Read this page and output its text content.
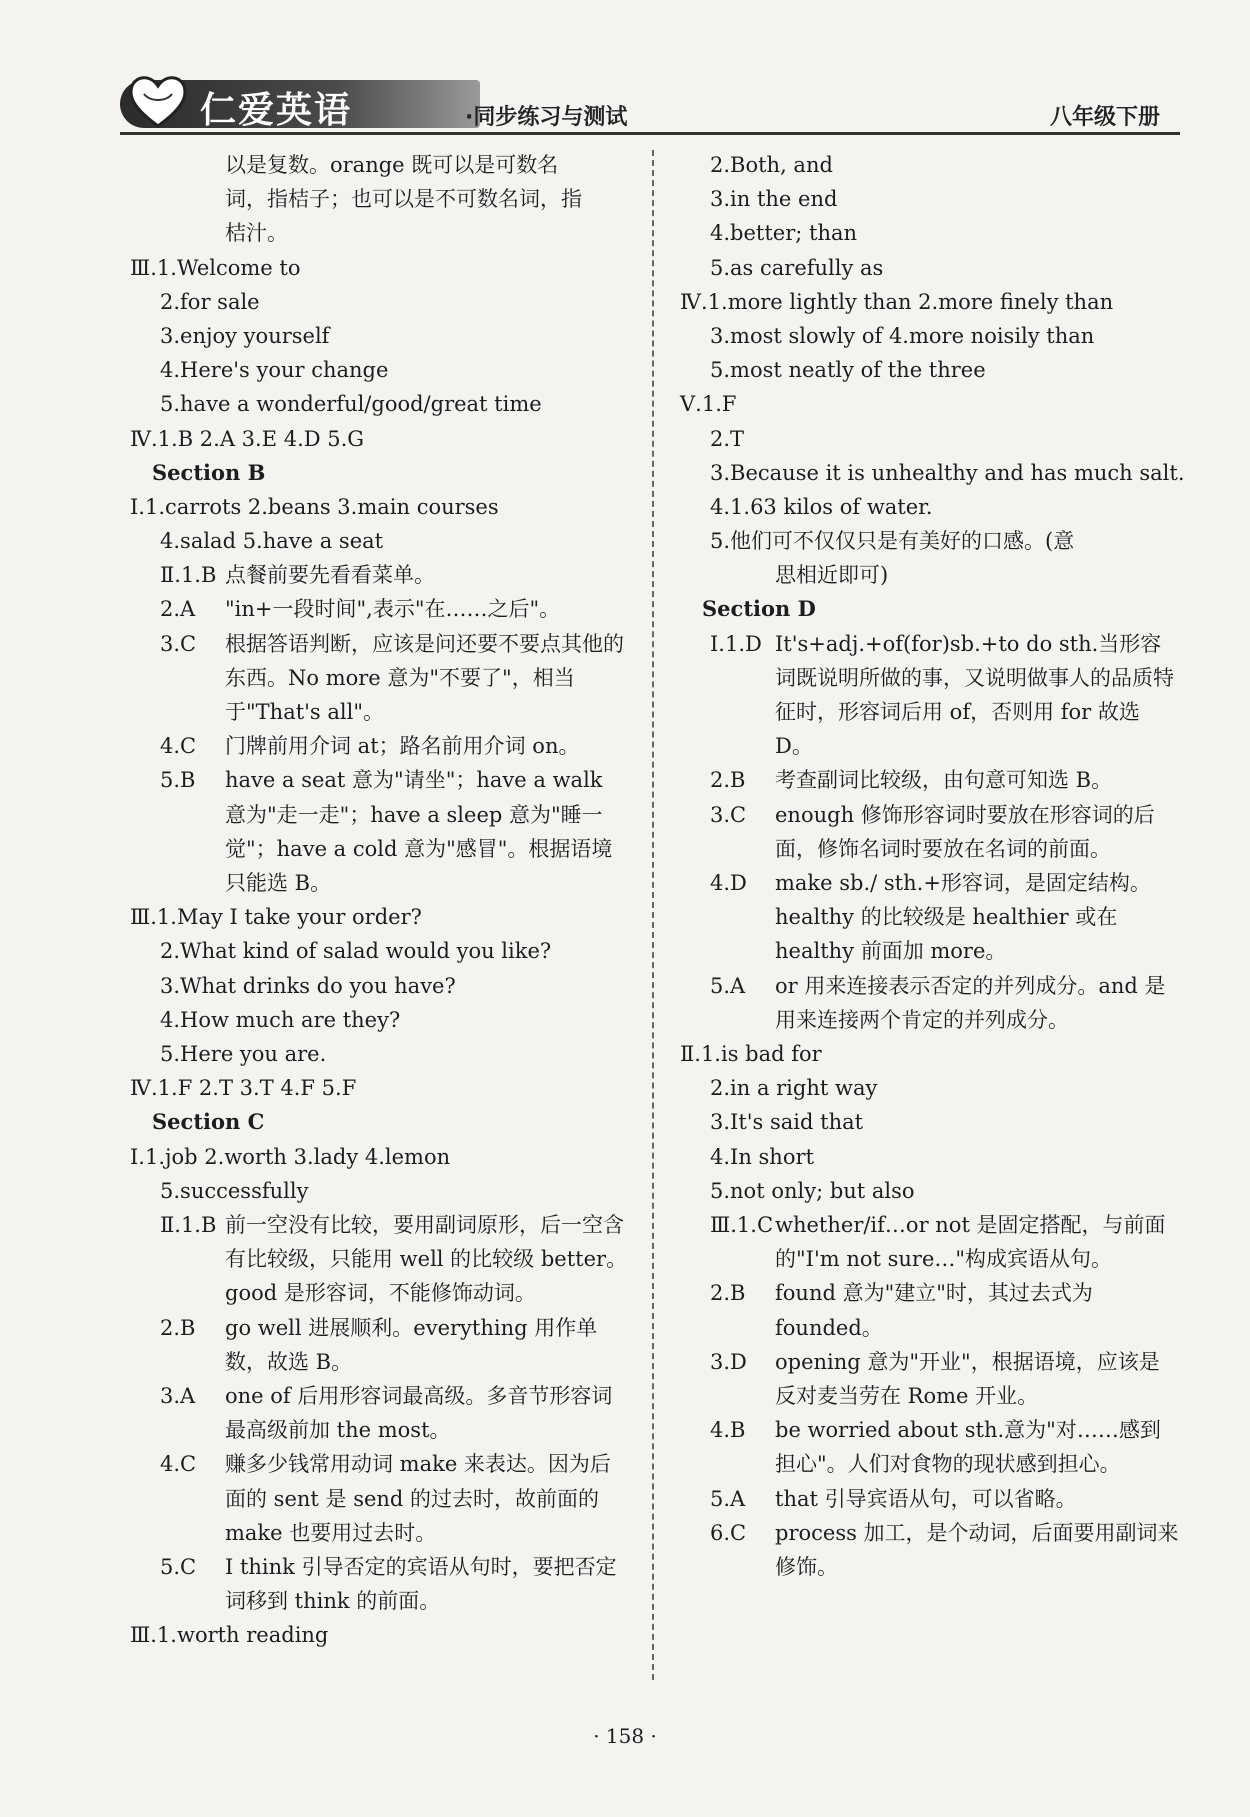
仁爱英语	·同步练习与测试	八年级下册
以是复数。orange 既可以是可数名
词，指桔子；也可以是不可数名词，指
桔汁。
Ⅲ.1.Welcome to
2.for sale
3.enjoy yourself
4.Here's your change
5.have a wonderful/good/great time
Ⅳ.1.B 2.A 3.E 4.D 5.G
Section B
Ⅰ.1.carrots 2.beans 3.main courses
4.salad 5.have a seat
Ⅱ.1.B 点餐前要先看看菜单。
2.A	"in+一段时间",表示"在……之后"。
3.C	根据答语判断，应该是问还要不要点其他的东西。No more 意为"不要了"，相当于"That's all"。
4.C	门牌前用介词 at；路名前用介词 on。
5.B	have a seat 意为"请坐"；have a walk 意为"走一走"；have a sleep 意为"睡一觉"；have a cold 意为"感冒"。根据语境只能选 B。
Ⅲ.1.May I take your order?
2.What kind of salad would you like?
3.What drinks do you have?
4.How much are they?
5.Here you are.
Ⅳ.1.F 2.T 3.T 4.F 5.F
Section C
Ⅰ.1.job 2.worth 3.lady 4.lemon
5.successfully
Ⅱ.1.B 前一空没有比较，要用副词原形，后一空含有比较级，只能用 well 的比较级 better。good 是形容词，不能修饰动词。
2.B	go well 进展顺利。everything 用作单数，故选 B。
3.A	one of 后用形容词最高级。多音节形容词最高级前加 the most。
4.C	赚多少钱常用动词 make 来表达。因为后面的 sent 是 send 的过去时，故前面的 make 也要用过去时。
5.C	I think 引导否定的宾语从句时，要把否定词移到 think 的前面。
Ⅲ.1.worth reading
2.Both, and
3.in the end
4.better; than
5.as carefully as
Ⅳ.1.more lightly than 2.more finely than
3.most slowly of 4.more noisily than
5.most neatly of the three
Ⅴ.1.F
2.T
3.Because it is unhealthy and has much salt.
4.1.63 kilos of water.
5.他们可不仅仅只是有美好的口感。(意
思相近即可)
Section D
Ⅰ.1.D It's+adj.+of(for)sb.+to do sth.当形容词既说明所做的事，又说明做事人的品质特征时，形容词后用 of，否则用 for 故选 D。
2.B	考查副词比较级，由句意可知选 B。
3.C	enough 修饰形容词时要放在形容词的后面，修饰名词时要放在名词的前面。
4.D	make sb./ sth.+形容词，是固定结构。healthy 的比较级是 healthier 或在 healthy 前面加 more。
5.A	or 用来连接表示否定的并列成分。and 是用来连接两个肯定的并列成分。
Ⅱ.1.is bad for
2.in a right way
3.It's said that
4.In short
5.not only; but also
Ⅲ.1.C whether/if…or not 是固定搭配，与前面的"I'm not sure…"构成宾语从句。
2.B	found 意为"建立"时，其过去式为 founded。
3.D	opening 意为"开业"，根据语境，应该是反对麦当劳在 Rome 开业。
4.B	be worried about sth.意为"对……感到担心"。人们对食物的现状感到担心。
5.A	that 引导宾语从句，可以省略。
6.C	process 加工，是个动词，后面要用副词来修饰。
· 158 ·
